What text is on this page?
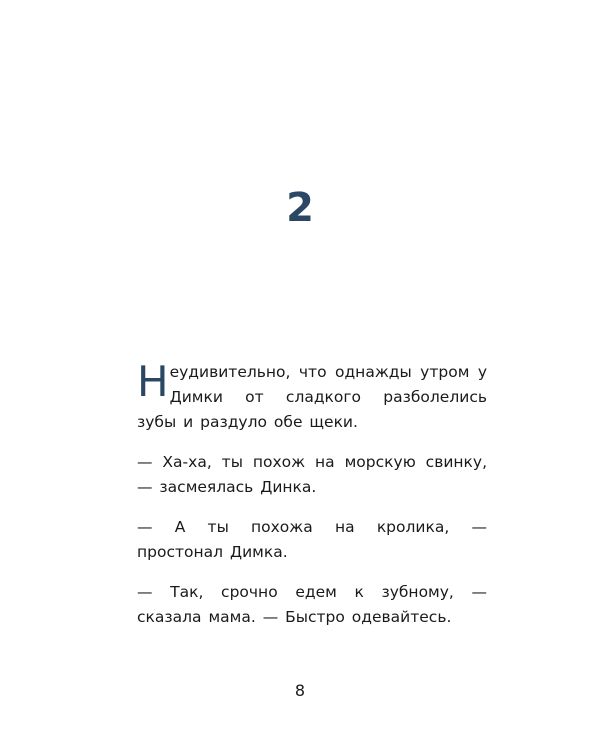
2

Неудивительно, что однажды утром у Димки от сладкого разболелись зубы и раздуло обе щеки.

— Ха-ха, ты похож на морскую свинку, — засмеялась Динка.

— А ты похожа на кролика, — простонал Димка.

— Так, срочно едем к зубному, — сказала мама. — Быстро одевайтесь.

8
